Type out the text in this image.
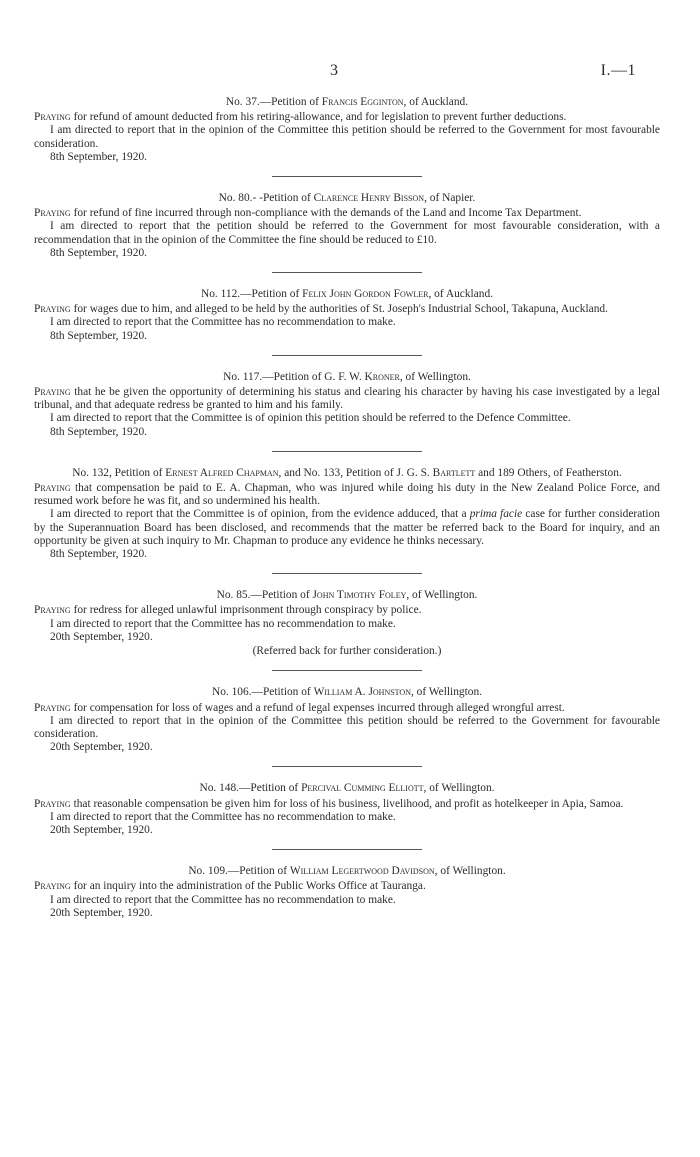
3	I.—1
No. 37.—Petition of Francis Egginton, of Auckland.

Praying for refund of amount deducted from his retiring-allowance, and for legislation to prevent further deductions.

I am directed to report that in the opinion of the Committee this petition should be referred to the Government for most favourable consideration.

8th September, 1920.
No. 80.- -Petition of Clarence Henry Bisson, of Napier.

Praying for refund of fine incurred through non-compliance with the demands of the Land and Income Tax Department.

I am directed to report that the petition should be referred to the Government for most favourable consideration, with a recommendation that in the opinion of the Committee the fine should be reduced to £10.

8th September, 1920.
No. 112.—Petition of Felix John Gordon Fowler, of Auckland.

Praying for wages due to him, and alleged to be held by the authorities of St. Joseph's Industrial School, Takapuna, Auckland.

I am directed to report that the Committee has no recommendation to make.

8th September, 1920.
No. 117.—Petition of G. F. W. Kroner, of Wellington.

Praying that he be given the opportunity of determining his status and clearing his character by having his case investigated by a legal tribunal, and that adequate redress be granted to him and his family.

I am directed to report that the Committee is of opinion this petition should be referred to the Defence Committee.

8th September, 1920.
No. 132, Petition of Ernest Alfred Chapman, and No. 133, Petition of J. G. S. Bartlett and 189 Others, of Featherston.

Praying that compensation be paid to E. A. Chapman, who was injured while doing his duty in the New Zealand Police Force, and resumed work before he was fit, and so undermined his health.

I am directed to report that the Committee is of opinion, from the evidence adduced, that a prima facie case for further consideration by the Superannuation Board has been disclosed, and recommends that the matter be referred back to the Board for inquiry, and an opportunity be given at such inquiry to Mr. Chapman to produce any evidence he thinks necessary.

8th September, 1920.
No. 85.—Petition of John Timothy Foley, of Wellington.

Praying for redress for alleged unlawful imprisonment through conspiracy by police.

I am directed to report that the Committee has no recommendation to make.

20th September, 1920.
(Referred back for further consideration.)
No. 106.—Petition of William A. Johnston, of Wellington.

Praying for compensation for loss of wages and a refund of legal expenses incurred through alleged wrongful arrest.

I am directed to report that in the opinion of the Committee this petition should be referred to the Government for favourable consideration.

20th September, 1920.
No. 148.—Petition of Percival Cumming Elliott, of Wellington.

Praying that reasonable compensation be given him for loss of his business, livelihood, and profit as hotelkeeper in Apia, Samoa.

I am directed to report that the Committee has no recommendation to make.

20th September, 1920.
No. 109.—Petition of William Legertwood Davidson, of Wellington.

Praying for an inquiry into the administration of the Public Works Office at Tauranga.

I am directed to report that the Committee has no recommendation to make.

20th September, 1920.
